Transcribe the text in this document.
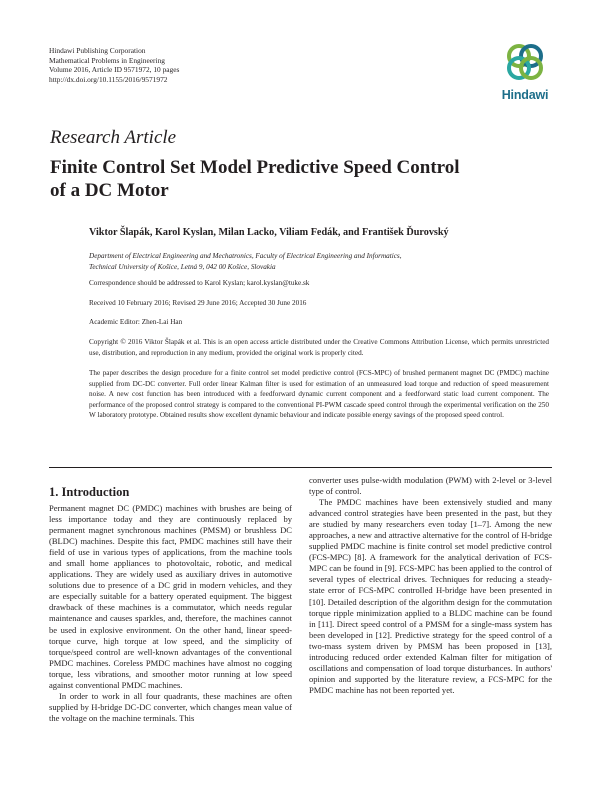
Hindawi Publishing Corporation
Mathematical Problems in Engineering
Volume 2016, Article ID 9571972, 10 pages
http://dx.doi.org/10.1155/2016/9571972
Hindawi
Research Article
Finite Control Set Model Predictive Speed Control of a DC Motor
Viktor Šlapák, Karol Kyslan, Milan Lacko, Viliam Fedák, and František Ďurovský
Department of Electrical Engineering and Mechatronics, Faculty of Electrical Engineering and Informatics,
Technical University of Košice, Letná 9, 042 00 Košice, Slovakia
Correspondence should be addressed to Karol Kyslan; karol.kyslan@tuke.sk
Received 10 February 2016; Revised 29 June 2016; Accepted 30 June 2016
Academic Editor: Zhen-Lai Han
Copyright © 2016 Viktor Šlapák et al. This is an open access article distributed under the Creative Commons Attribution License, which permits unrestricted use, distribution, and reproduction in any medium, provided the original work is properly cited.
The paper describes the design procedure for a finite control set model predictive control (FCS-MPC) of brushed permanent magnet DC (PMDC) machine supplied from DC-DC converter. Full order linear Kalman filter is used for estimation of an unmeasured load torque and reduction of speed measurement noise. A new cost function has been introduced with a feedforward dynamic current component and a feedforward static load current component. The performance of the proposed control strategy is compared to the conventional PI-PWM cascade speed control through the experimental verification on the 250 W laboratory prototype. Obtained results show excellent dynamic behaviour and indicate possible energy savings of the proposed speed control.
1. Introduction

Permanent magnet DC (PMDC) machines with brushes are being of less importance today and they are continuously replaced by permanent magnet synchronous machines (PMSM) or brushless DC (BLDC) machines. Despite this fact, PMDC machines still have their field of use in various types of applications, from the machine tools and small home appliances to photovoltaic, robotic, and medical applications. They are widely used as auxiliary drives in automotive solutions due to presence of a DC grid in modern vehicles, and they are especially suitable for a battery operated equipment. The biggest drawback of these machines is a commutator, which needs regular maintenance and causes sparkles, and, therefore, the machines cannot be used in explosive environment. On the other hand, linear speed-torque curve, high torque at low speed, and the simplicity of torque/speed control are well-known advantages of the conventional PMDC machines. Coreless PMDC machines have almost no cogging torque, less vibrations, and smoother motor running at low speed against conventional PMDC machines.

In order to work in all four quadrants, these machines are often supplied by H-bridge DC-DC converter, which changes mean value of the voltage on the machine terminals. This

converter uses pulse-width modulation (PWM) with 2-level or 3-level type of control.

The PMDC machines have been extensively studied and many advanced control strategies have been presented in the past, but they are studied by many researchers even today [1–7]. Among the new approaches, a new and attractive alternative for the control of H-bridge supplied PMDC machine is finite control set model predictive control (FCS-MPC) [8]. A framework for the analytical derivation of FCS-MPC can be found in [9]. FCS-MPC has been applied to the control of several types of electrical drives. Techniques for reducing a steady-state error of FCS-MPC controlled H-bridge have been presented in [10]. Detailed description of the algorithm design for the commutation torque ripple minimization applied to a BLDC machine can be found in [11]. Direct speed control of a PMSM for a single-mass system has been developed in [12]. Predictive strategy for the speed control of a two-mass system driven by PMSM has been proposed in [13], introducing reduced order extended Kalman filter for mitigation of oscillations and compensation of load torque disturbances. In authors' opinion and supported by the literature review, a FCS-MPC for the PMDC machine has not been reported yet.
